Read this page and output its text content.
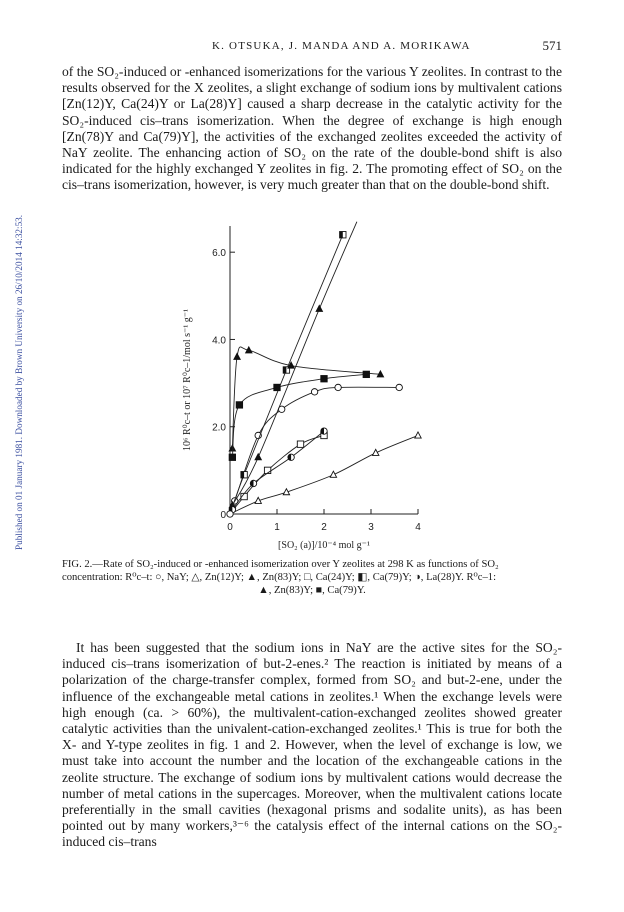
Published on 01 January 1981. Downloaded by Brown University on 26/10/2014 14:32:53.
K. OTSUKA, J. MANDA AND A. MORIKAWA	571

of the SO₂-induced or -enhanced isomerizations for the various Y zeolites. In contrast to the results observed for the X zeolites, a slight exchange of sodium ions by multivalent cations [Zn(12)Y, Ca(24)Y or La(28)Y] caused a sharp decrease in the catalytic activity for the SO₂-induced cis–trans isomerization. When the degree of exchange is high enough [Zn(78)Y and Ca(79)Y], the activities of the exchanged zeolites exceeded the activity of NaY zeolite. The enhancing action of SO₂ on the rate of the double-bond shift is also indicated for the highly exchanged Y zeolites in fig. 2. The promoting effect of SO₂ on the cis–trans isomerization, however, is very much greater than that on the double-bond shift.

0	1	2	3	4
0
2.0
4.0
6.0
[SO₂ (a)]/10⁻⁴ mol g⁻¹
10⁶ R⁰c–t or 10⁷ R⁰c–1/mol s⁻¹ g⁻¹
FIG. 2.—Rate of SO₂-induced or -enhanced isomerization over Y zeolites at 298 K as functions of SO₂
concentration: R⁰c–t: ○, NaY; △, Zn(12)Y; ▲, Zn(83)Y; □, Ca(24)Y; ◧, Ca(79)Y; ◑, La(28)Y. R⁰c–1:
▲, Zn(83)Y; ■, Ca(79)Y.

It has been suggested that the sodium ions in NaY are the active sites for the SO₂-induced cis–trans isomerization of but-2-enes.² The reaction is initiated by means of a polarization of the charge-transfer complex, formed from SO₂ and but-2-ene, under the influence of the exchangeable metal cations in zeolites.¹ When the exchange levels were high enough (ca. > 60%), the multivalent-cation-exchanged zeolites showed greater catalytic activities than the univalent-cation-exchanged zeolites.¹ This is true for both the X- and Y-type zeolites in fig. 1 and 2. However, when the level of exchange is low, we must take into account the number and the location of the exchangeable cations in the zeolite structure. The exchange of sodium ions by multivalent cations would decrease the number of metal cations in the supercages. Moreover, when the multivalent cations locate preferentially in the small cavities (hexagonal prisms and sodalite units), as has been pointed out by many workers,³⁻⁶ the catalysis effect of the internal cations on the SO₂-induced cis–trans
